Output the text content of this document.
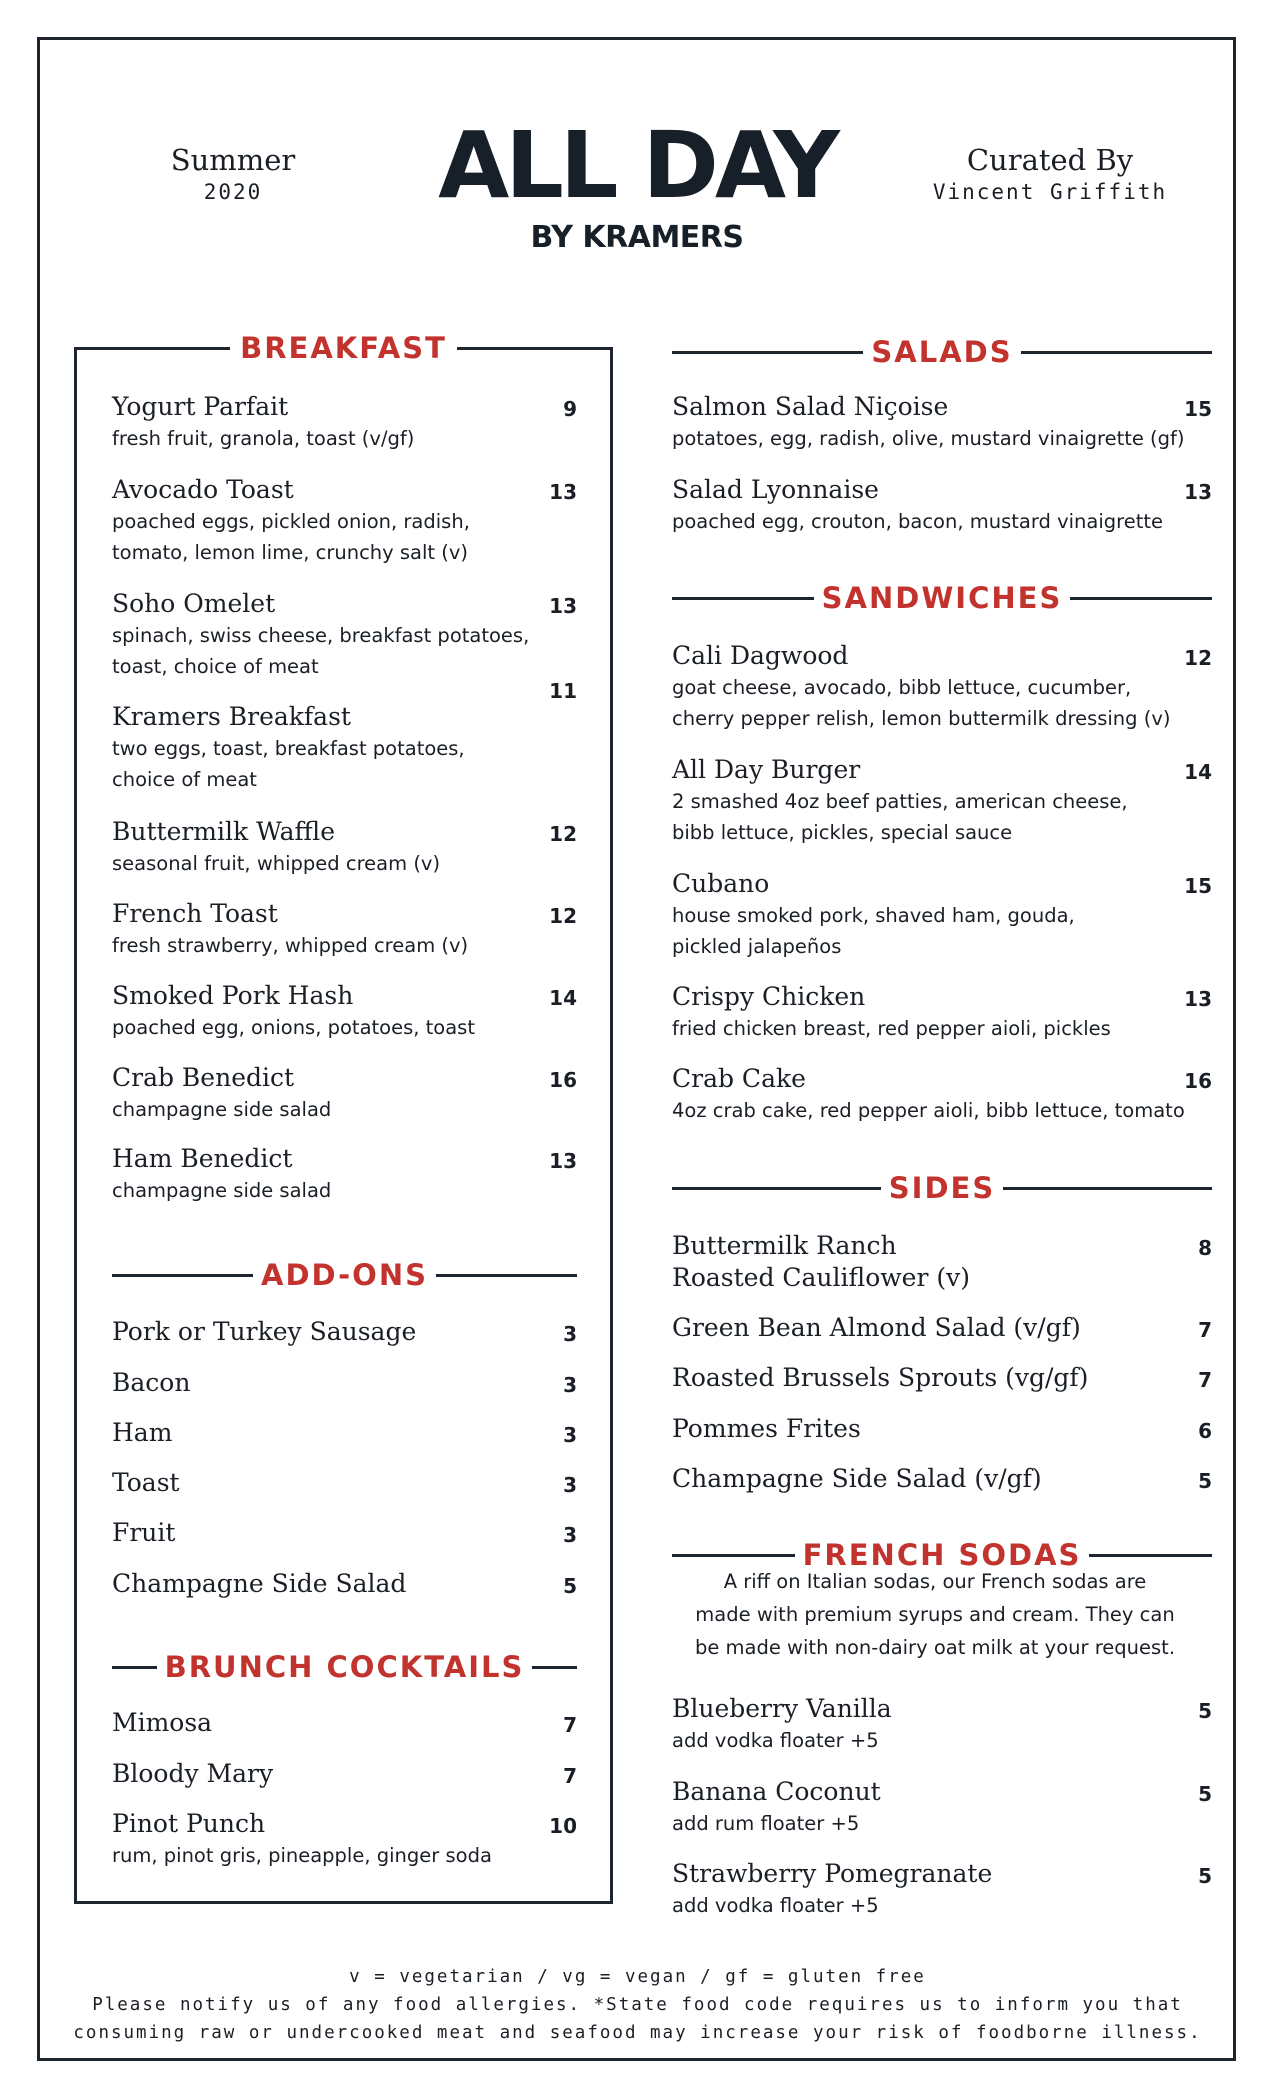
Summer
2020	ALL DAY
BY KRAMERS
Curated By
Vincent Griffith
BREAKFAST
Yogurt Parfait
fresh fruit, granola, toast (v/gf)
9
Avocado Toast
poached eggs, pickled onion, radish,
tomato, lemon lime, crunchy salt (v)
13
Soho Omelet
spinach, swiss cheese, breakfast potatoes,
toast, choice of meat
13
Kramers Breakfast
two eggs, toast, breakfast potatoes,
choice of meat
11
Buttermilk Waffle
seasonal fruit, whipped cream (v)
12
French Toast
fresh strawberry, whipped cream (v)
12
Smoked Pork Hash
poached egg, onions, potatoes, toast
14
Crab Benedict
champagne side salad
16
Ham Benedict
champagne side salad
13
ADD-ONS
Pork or Turkey Sausage	3
Bacon	3
Ham	3
Toast	3
Fruit	3
Champagne Side Salad	5
BRUNCH COCKTAILS
Mimosa	7
Bloody Mary	7
Pinot Punch
rum, pinot gris, pineapple, ginger soda
10
SALADS
Salmon Salad Niçoise
potatoes, egg, radish, olive, mustard vinaigrette (gf)
15
Salad Lyonnaise
poached egg, crouton, bacon, mustard vinaigrette
13
SANDWICHES
Cali Dagwood
goat cheese, avocado, bibb lettuce, cucumber,
cherry pepper relish, lemon buttermilk dressing (v)
12
All Day Burger
2 smashed 4oz beef patties, american cheese,
bibb lettuce, pickles, special sauce
14
Cubano
house smoked pork, shaved ham, gouda,
pickled jalapeños
15
Crispy Chicken
fried chicken breast, red pepper aioli, pickles
13
Crab Cake
4oz crab cake, red pepper aioli, bibb lettuce, tomato
16
SIDES
Buttermilk Ranch
Roasted Cauliflower (v)
8
Green Bean Almond Salad (v/gf)	7
Roasted Brussels Sprouts (vg/gf)	7
Pommes Frites	6
Champagne Side Salad (v/gf)	5
FRENCH SODAS
Blueberry Vanilla
add vodka floater +5
5
Banana Coconut
add rum floater +5
5
Strawberry Pomegranate
add vodka floater +5
5
A riff on Italian sodas, our French sodas are
made with premium syrups and cream. They can
be made with non-dairy oat milk at your request.
v = vegetarian / vg = vegan / gf = gluten free
Please notify us of any food allergies. *State food code requires us to inform you that
consuming raw or undercooked meat and seafood may increase your risk of foodborne illness.
